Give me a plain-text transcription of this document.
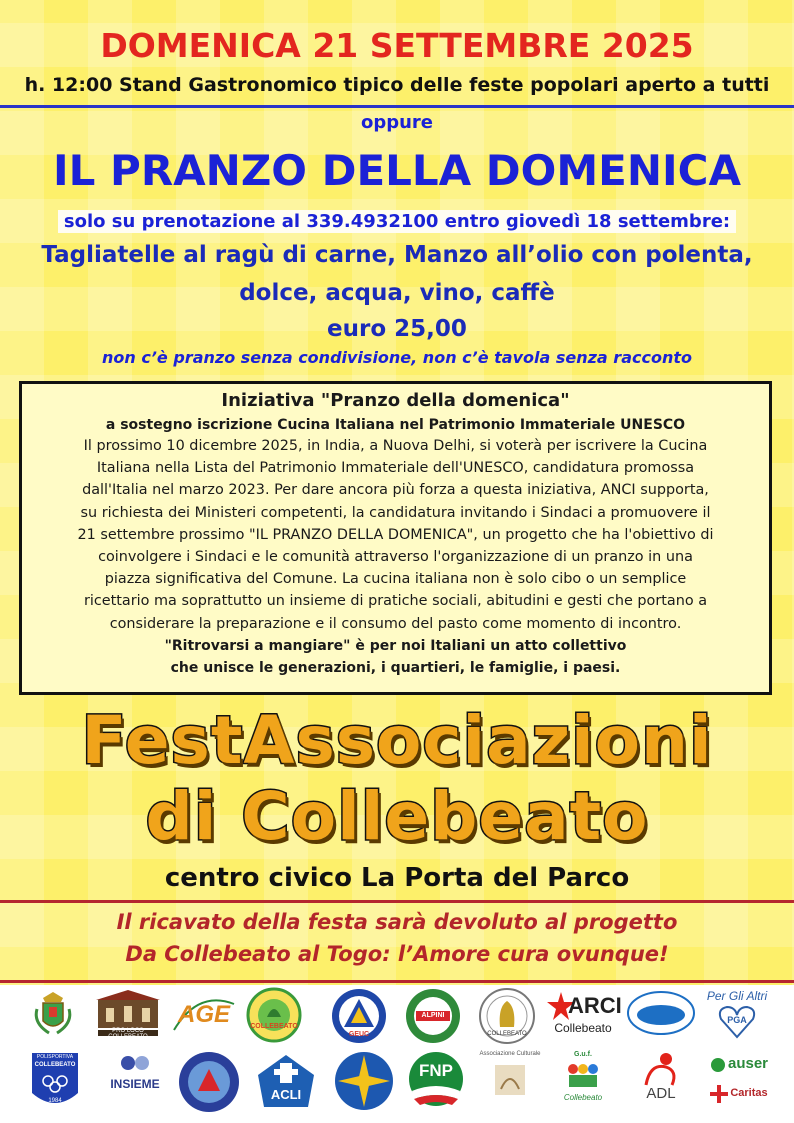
DOMENICA 21 SETTEMBRE 2025
h. 12:00 Stand Gastronomico tipico delle feste popolari aperto a tutti
oppure
IL PRANZO DELLA DOMENICA
solo su prenotazione al 339.4932100 entro giovedì 18 settembre:
Tagliatelle al ragù di carne, Manzo all’olio con polenta,
dolce, acqua, vino, caffè
euro 25,00
non c’è pranzo senza condivisione, non c’è tavola senza racconto
Iniziativa "Pranzo della domenica"
a sostegno iscrizione Cucina Italiana nel Patrimonio Immateriale UNESCO
Il prossimo 10 dicembre 2025, in India, a Nuova Delhi, si voterà per iscrivere la Cucina
Italiana nella Lista del Patrimonio Immateriale dell'UNESCO, candidatura promossa
dall'Italia nel marzo 2023. Per dare ancora più forza a questa iniziativa, ANCI supporta,
su richiesta dei Ministeri competenti, la candidatura invitando i Sindaci a promuovere il
21 settembre prossimo "IL PRANZO DELLA DOMENICA", un progetto che ha l'obiettivo di
coinvolgere i Sindaci e le comunità attraverso l'organizzazione di un pranzo in una
piazza significativa del Comune. La cucina italiana non è solo cibo o un semplice
ricettario ma soprattutto un insieme di pratiche sociali, abitudini e gesti che portano a
considerare la preparazione e il consumo del pasto come momento di incontro.
"Ritrovarsi a mangiare" è per noi Italiani un atto collettivo
che unisce le generazioni, i quartieri, le famiglie, i paesi.
FestAssociazioni
di Collebeato
centro civico La Porta del Parco
Il ricavato della festa sarà devoluto al progetto
Da Collebeato al Togo: l’Amore cura ovunque!
PRO LOCO COLLEBEATO
AGE	COLLEBEATO
GEUC
ALPINI
COLLEBEATO
ARCI
Collebeato
Per Gli Altri
PGA
POLISPORTIVA
COLLEBEATO
1984
INSIEME
ACLI
FNP
Associazione Culturale	G.u.f.
Collebeato	ADL
auser
Caritas
